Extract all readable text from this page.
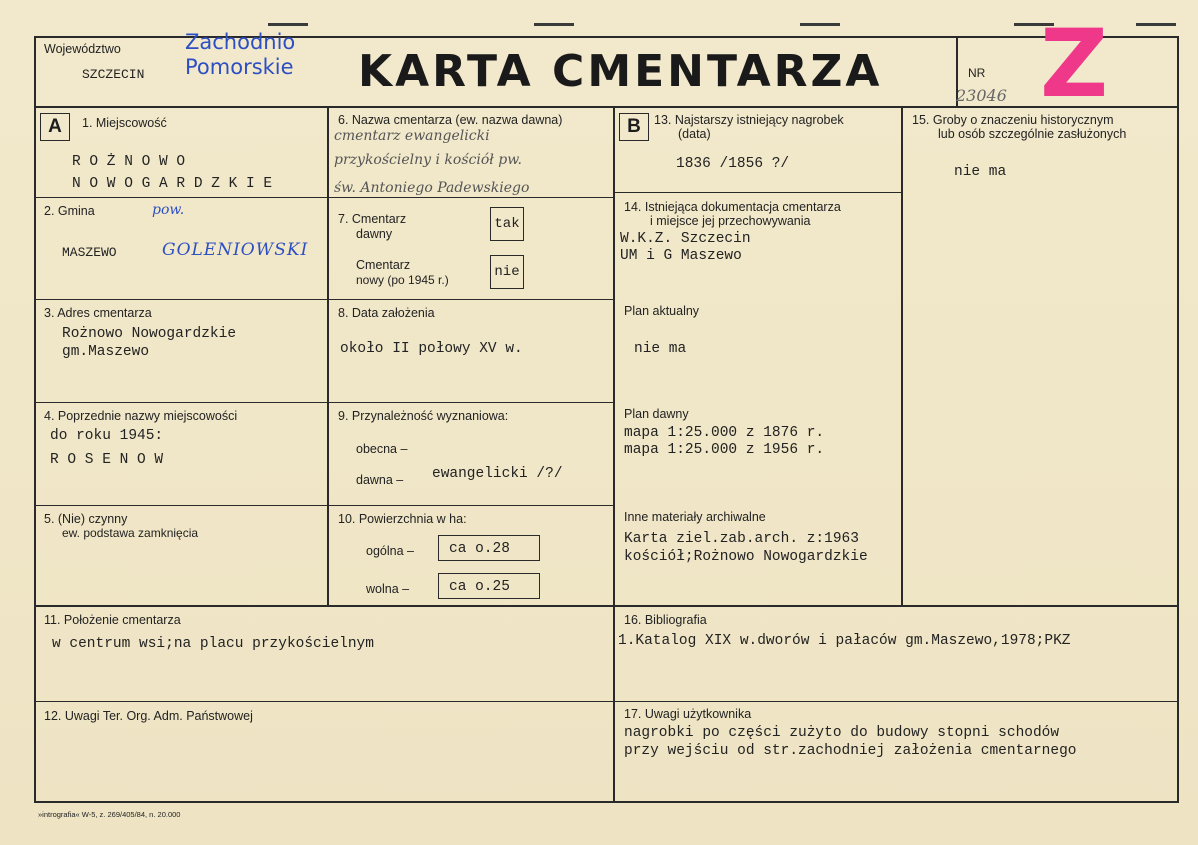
Województwo
SZCZECIN
Zachodnio
Pomorskie KARTA CMENTARZA	NR
23046 Z
A	1. Miejscowość
R O Ż N O W O
N O W O G A R D Z K I E
2. Gmina	pow.
MASZEWO	GOLENIOWSKI
3. Adres cmentarza
Rożnowo Nowogardzkie
gm.Maszewo
4. Poprzednie nazwy miejscowości
do roku 1945:
R O S E N O W
5. (Nie) czynny
ew. podstawa zamknięcia
6. Nazwa cmentarza (ew. nazwa dawna)
cmentarz ewangelicki
przykościelny i kościół pw.
św. Antoniego Padewskiego
7. Cmentarz
dawny
tak
Cmentarz
nowy (po 1945 r.)	nie
8. Data założenia
około II połowy XV w.
9. Przynależność wyznaniowa:
obecna –
dawna – ewangelicki /?/
10. Powierzchnia w ha:
ogólna –	ca o.28
wolna –	ca o.25
B	13. Najstarszy istniejący nagrobek
(data)
1836 /1856 ?/
14. Istniejąca dokumentacja cmentarza
i miejsce jej przechowywania
W.K.Z. Szczecin
UM i G Maszewo
Plan aktualny
nie ma
Plan dawny
mapa 1:25.000 z 1876 r.
mapa 1:25.000 z 1956 r.
Inne materiały archiwalne
Karta ziel.zab.arch. z:1963
kościół;Rożnowo Nowogardzkie
15. Groby o znaczeniu historycznym
lub osób szczególnie zasłużonych
nie ma
11. Położenie cmentarza
w centrum wsi;na placu przykościelnym
16. Bibliografia
1.Katalog XIX w.dworów i pałaców gm.Maszewo,1978;PKZ
12. Uwagi Ter. Org. Adm. Państwowej	17. Uwagi użytkownika
nagrobki po części zużyto do budowy stopni schodów
przy wejściu od str.zachodniej założenia cmentarnego
»intrografia« W-5, z. 269/405/84, n. 20.000
